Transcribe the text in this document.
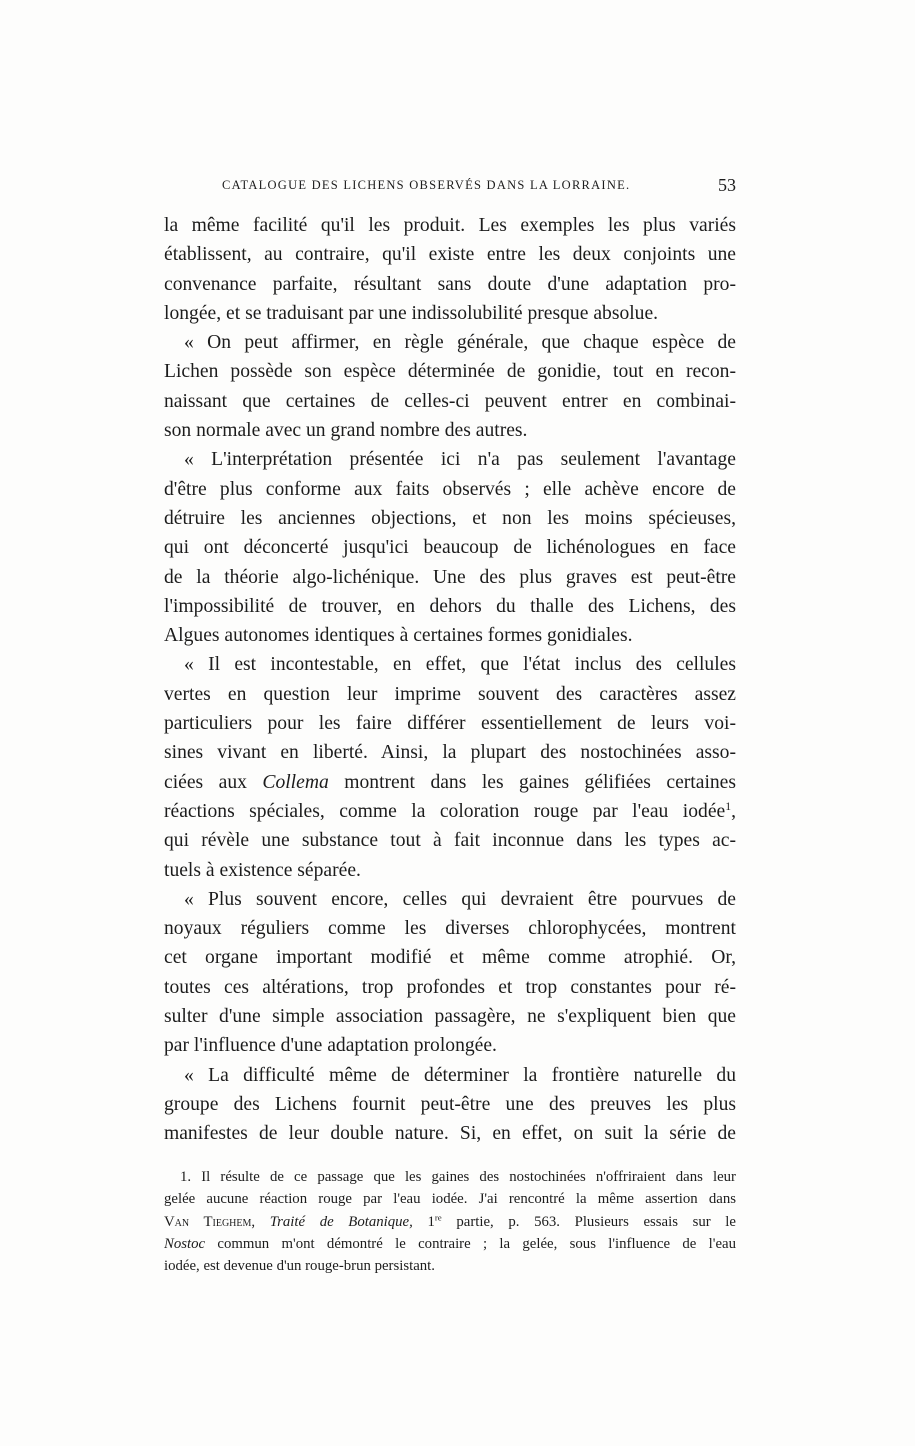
CATALOGUE DES LICHENS OBSERVÉS DANS LA LORRAINE.	53
la même facilité qu'il les produit. Les exemples les plus variés
établissent, au contraire, qu'il existe entre les deux conjoints une
convenance parfaite, résultant sans doute d'une adaptation pro-
longée, et se traduisant par une indissolubilité presque absolue.
« On peut affirmer, en règle générale, que chaque espèce de
Lichen possède son espèce déterminée de gonidie, tout en recon-
naissant que certaines de celles-ci peuvent entrer en combinai-
son normale avec un grand nombre des autres.
« L'interprétation présentée ici n'a pas seulement l'avantage
d'être plus conforme aux faits observés ; elle achève encore de
détruire les anciennes objections, et non les moins spécieuses,
qui ont déconcerté jusqu'ici beaucoup de lichénologues en face
de la théorie algo-lichénique. Une des plus graves est peut-être
l'impossibilité de trouver, en dehors du thalle des Lichens, des
Algues autonomes identiques à certaines formes gonidiales.
« Il est incontestable, en effet, que l'état inclus des cellules
vertes en question leur imprime souvent des caractères assez
particuliers pour les faire différer essentiellement de leurs voi-
sines vivant en liberté. Ainsi, la plupart des nostochinées asso-
ciées aux Collema montrent dans les gaines gélifiées certaines
réactions spéciales, comme la coloration rouge par l'eau iodée$^1$,
qui révèle une substance tout à fait inconnue dans les types ac-
tuels à existence séparée.
« Plus souvent encore, celles qui devraient être pourvues de
noyaux réguliers comme les diverses chlorophycées, montrent
cet organe important modifié et même comme atrophié. Or,
toutes ces altérations, trop profondes et trop constantes pour ré-
sulter d'une simple association passagère, ne s'expliquent bien que
par l'influence d'une adaptation prolongée.
« La difficulté même de déterminer la frontière naturelle du
groupe des Lichens fournit peut-être une des preuves les plus
manifestes de leur double nature. Si, en effet, on suit la série de
1. Il résulte de ce passage que les gaines des nostochinées n'offriraient dans leur
gelée aucune réaction rouge par l'eau iodée. J'ai rencontré la même assertion dans
Van Tieghem, Traité de Botanique, 1re partie, p. 563. Plusieurs essais sur le
Nostoc commun m'ont démontré le contraire ; la gelée, sous l'influence de l'eau
iodée, est devenue d'un rouge-brun persistant.
